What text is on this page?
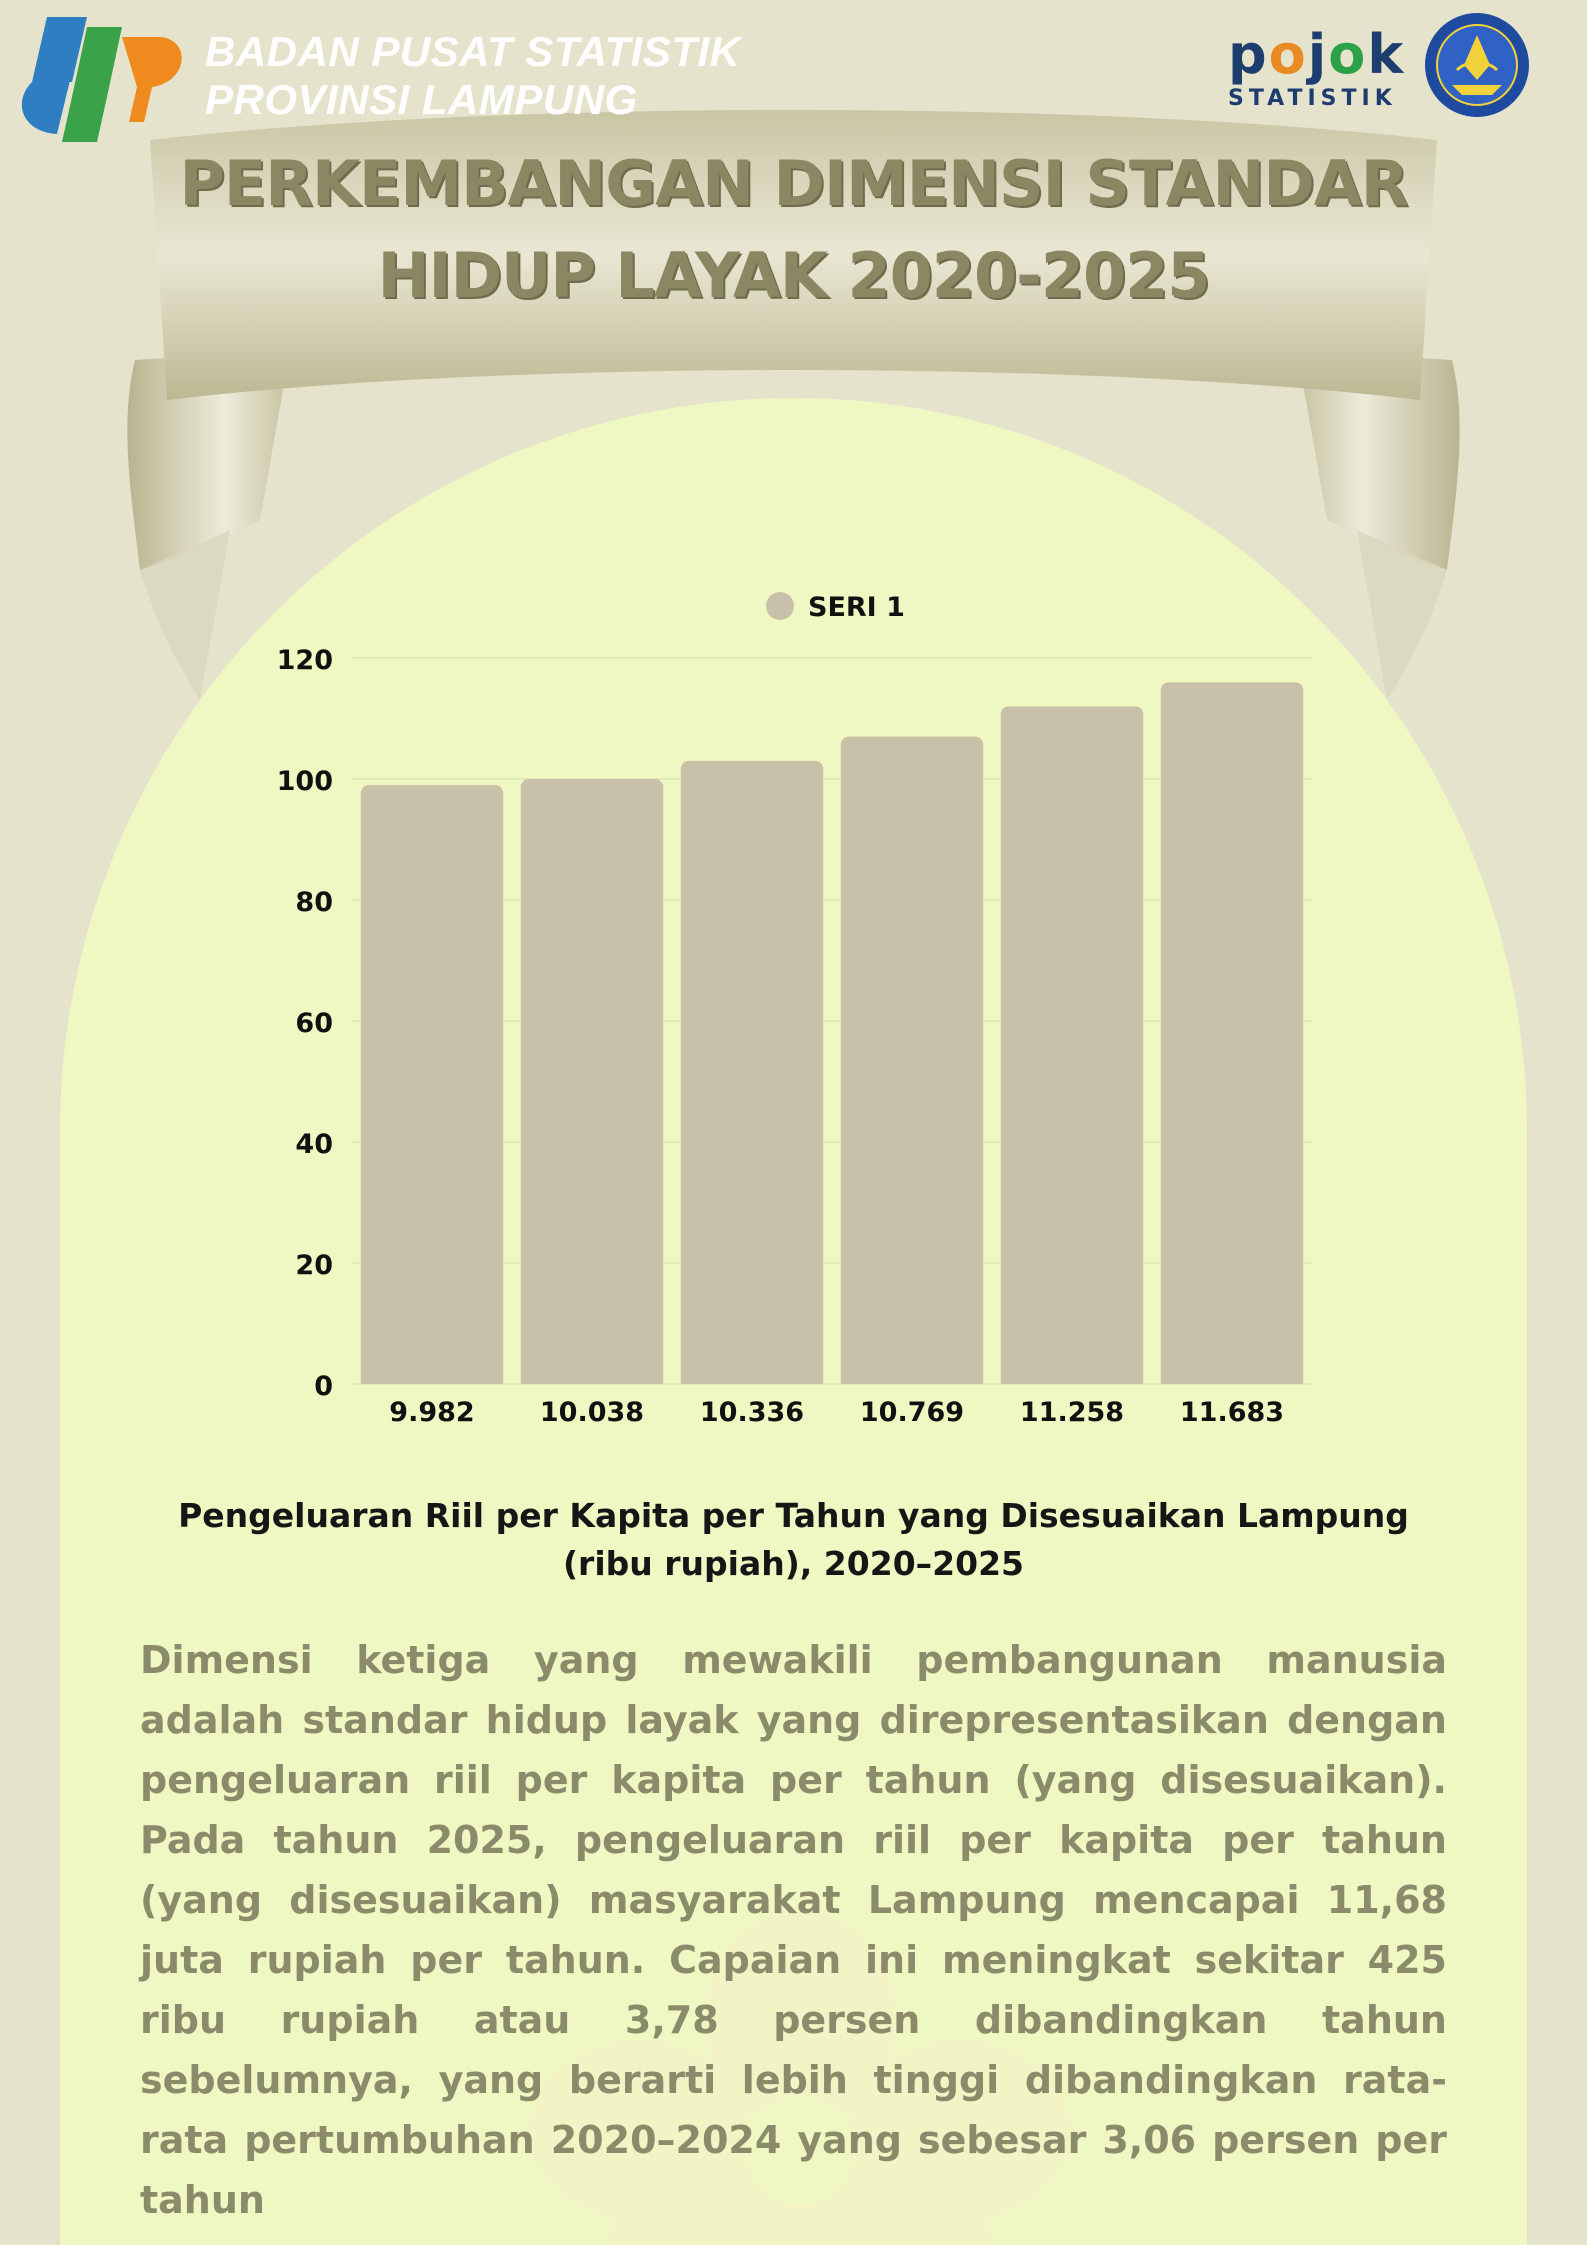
BADAN PUSAT STATISTIK
PROVINSI LAMPUNG
pojok
STATISTIK
PERKEMBANGAN DIMENSI STANDAR
HIDUP LAYAK 2020-2025
0
20
40
60
80
100
120
SERI 1
9.982 10.038 10.336 10.769 11.258 11.683
Pengeluaran Riil per Kapita per Tahun yang Disesuaikan Lampung (ribu rupiah), 2020–2025
Dimensi ketiga yang mewakili pembangunan manusia adalah standar hidup layak yang direpresentasikan dengan pengeluaran riil per kapita per tahun (yang disesuaikan). Pada tahun 2025, pengeluaran riil per kapita per tahun (yang disesuaikan) masyarakat Lampung mencapai 11,68 juta rupiah per tahun. Capaian ini meningkat sekitar 425 ribu rupiah atau 3,78 persen dibandingkan tahun sebelumnya, yang berarti lebih tinggi dibandingkan rata-rata pertumbuhan 2020–2024 yang sebesar 3,06 persen per tahun
